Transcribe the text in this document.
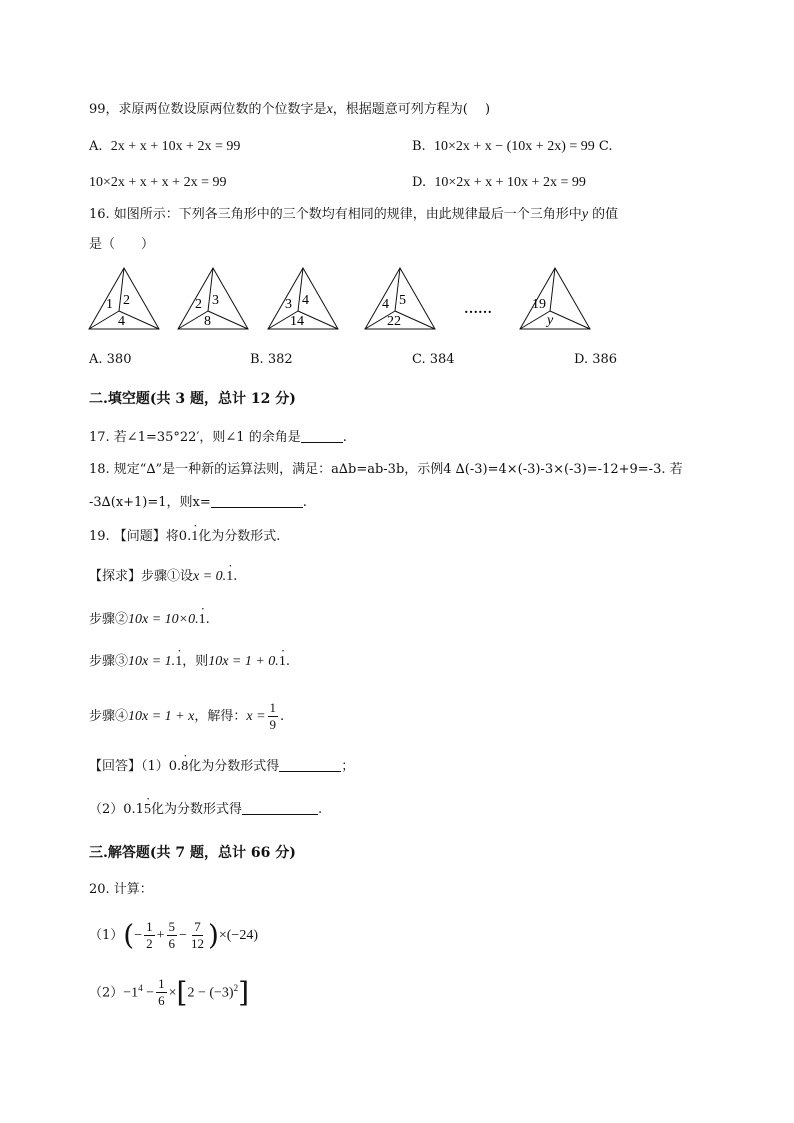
99，求原两位数设原两位数的个位数字是x，根据题意可列方程为(　 )
A. 2x + x + 10x + 2x = 99	B. 10×2x + x − (10x + 2x) = 99 C.
10×2x + x + x + 2x = 99	D. 10×2x + x + 10x + 2x = 99
16. 如图所示：下列各三角形中的三个数均有相同的规律，由此规律最后一个三角形中y 的值
是（　　）
1 2
4
2 3
8
3 4
14
4 5
22
……	19
y
A. 380	B. 382	C. 384	D. 386
二.填空题(共 3 题，总计 12 分)
17. 若∠1=35°22′，则∠1 的余角是	.
18. 规定“∆”是一种新的运算法则，满足：a∆b=ab-3b，示例4 ∆(-3)=4×(-3)-3×(-3)=-12+9=-3. 若
-3∆(x+1)=1，则x=	.
19. 【问题】将0.· 1化为分数形式.
【探求】步骤①设x = 0.· 1.
步骤②10x = 10×0.· 1.
步骤③10x = 1.· 1，则10x = 1 + 0.· 1.
步骤④10x = 1 + x，解得：$x = \frac{1}{9}$ .
【回答】（1）0.· 8化为分数形式得	；
（2）0.1· 5化为分数形式得	.
三.解答题(共 7 题，总计 66 分)
20. 计算：
$(1)(- \frac{1}{2} + \frac{5}{6} - \frac{7}{12} )\times(-24)$
$(2)-1^4 - \frac{1}{6} \times[2 - (-3)^2]$
